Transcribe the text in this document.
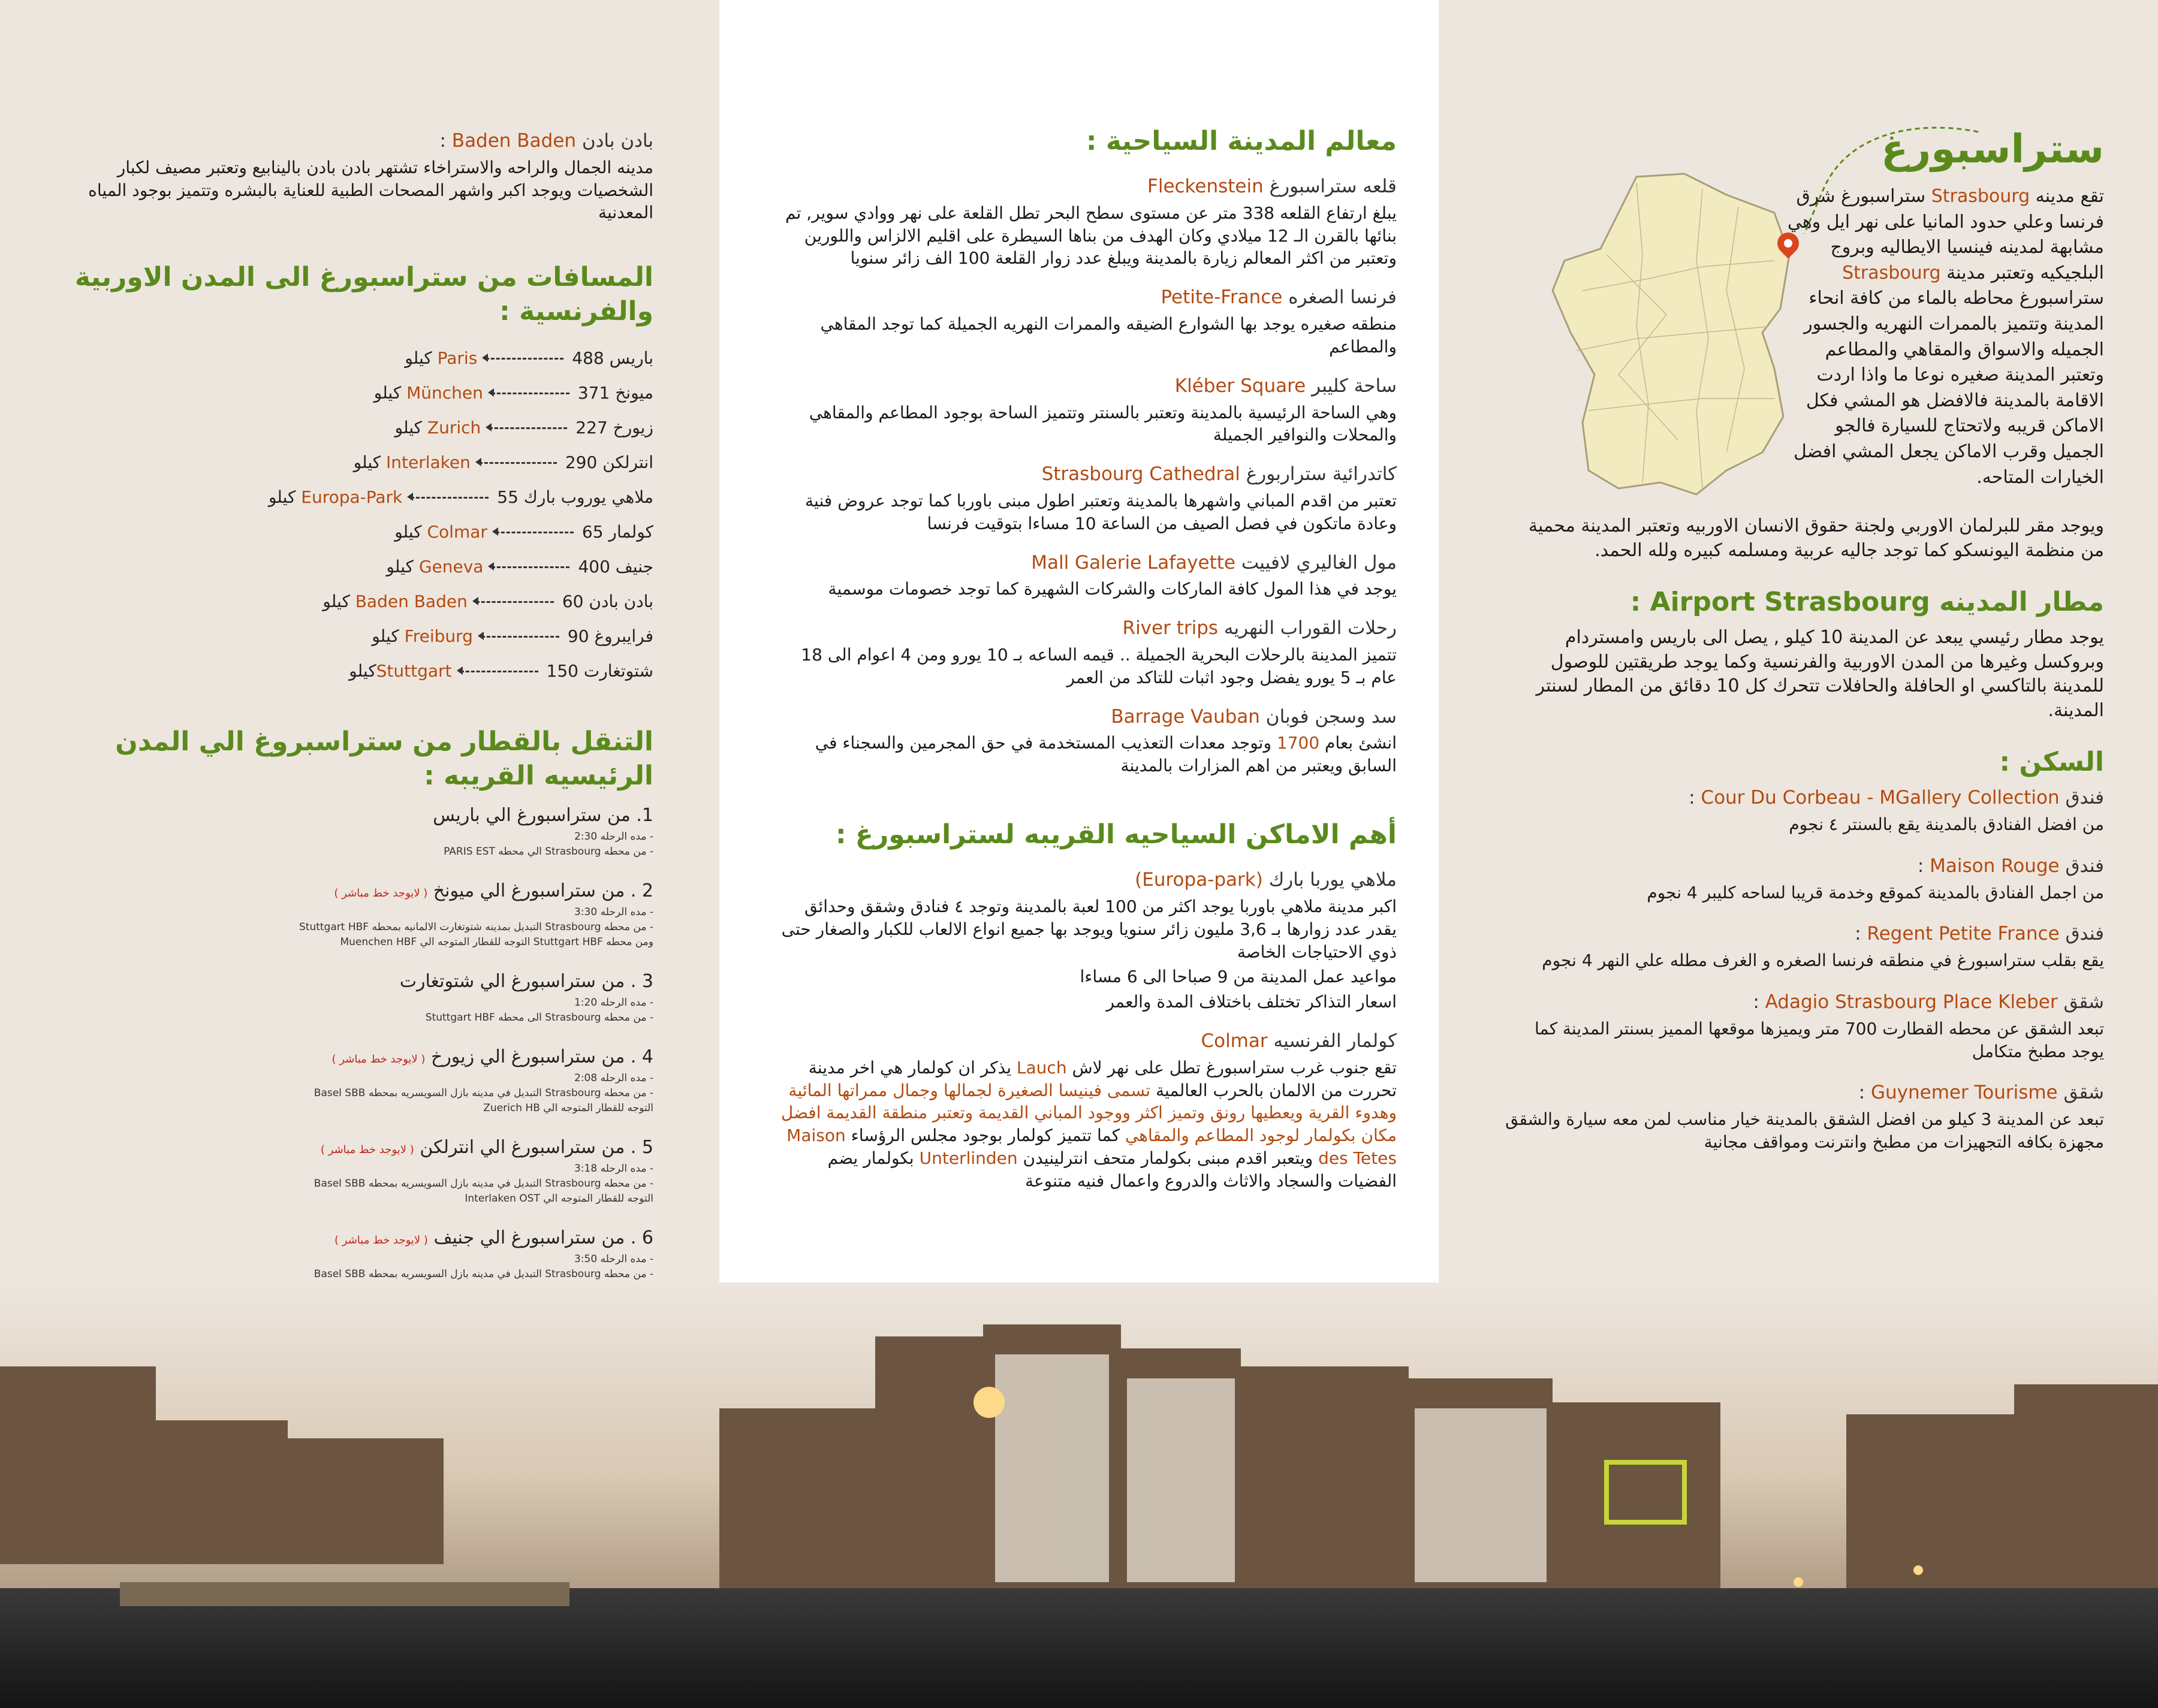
بادن بادن Baden Baden :

مدينه الجمال والراحه والاستراخاء تشتهر بادن بادن بالينابيع وتعتبر مصيف لكبار الشخصيات ويوجد اكبر واشهر المصحات الطبية للعناية بالبشره وتتميز بوجود المياه المعدنية

المسافات من ستراسبورغ الى المدن الاوربية والفرنسية :
باريس Paris488 كيلو
ميونخ München371 كيلو
زيورخ Zurich227 كيلو
انترلكن Interlaken290 كيلو
ملاهي يوروب بارك Europa-Park55 كيلو
كولمار Colmar65 كيلو
جنيف Geneva400 كيلو
بادن بادن Baden Baden60 كيلو
فرايبروغ Freiburg90 كيلو
شتوتغارت Stuttgart150كيلو
التنقل بالقطار من ستراسبروغ الي المدن الرئيسيه القريبه :

1. من ستراسبورغ الي باريس

- مده الرحله 2:30

- من محطه Strasbourg الي محطه PARIS EST

2 . من ستراسبورغ الي ميونخ ( لايوجد خط مباشر )

- مده الرحله 3:30

- من محطه Strasbourg التبديل بمدينه شتوتغارت الالمانيه بمحطه Stuttgart HBF

ومن محطه Stuttgart HBF التوجه للقطار المتوجه الي Muenchen HBF

3 . من ستراسبورغ الي شتوتغارت

- مده الرحله 1:20

- من محطه Strasbourg الى محطه Stuttgart HBF

4 . من ستراسبورغ الي زيورخ ( لايوجد خط مباشر )

- مده الرحله 2:08

- من محطه Strasbourg التبديل في مدينه بازل السويسريه بمحطه Basel SBB

التوجه للقطار المتوجه الي Zuerich HB

5 . من ستراسبورغ الي انترلكن ( لايوجد خط مباشر )

- مده الرحله 3:18

- من محطه Strasbourg التبديل في مدينه بازل السويسريه بمحطه Basel SBB

التوجه للقطار المتوجه الي Interlaken OST

6 . من ستراسبورغ الي جنيف ( لايوجد خط مباشر )

- مده الرحله 3:50

- من محطه Strasbourg التبديل في مدينه بازل السويسريه بمحطه Basel SBB

معالم المدينة السياحية :

قلعه ستراسبورغ Fleckenstein

يبلغ ارتفاع القلعه 338 متر عن مستوى سطح البحر تطل القلعة على نهر ووادي سوير, تم بنائها بالقرن الـ 12 ميلادي وكان الهدف من بناها السيطرة على اقليم الالزاس واللورين وتعتبر من اكثر المعالم زيارة بالمدينة ويبلغ عدد زوار القلعة 100 الف زائر سنويا

فرنسا الصغره Petite-France

منطقه صغيره يوجد بها الشوارع الضيقه والممرات النهريه الجميلة كما توجد المقاهي والمطاعم

ساحة كليبر Kléber Square

وهي الساحة الرئيسية بالمدينة وتعتبر بالسنتر وتتميز الساحة بوجود المطاعم والمقاهي والمحلات والنوافير الجميلة

كاتدرائية ستراربورغ Strasbourg Cathedral

تعتبر من اقدم المباني واشهرها بالمدينة وتعتبر اطول مبنى باوربا كما توجد عروض فنية وعادة ماتكون في فصل الصيف من الساعة 10 مساءا بتوقيت فرنسا

مول الغاليري لافييت Mall Galerie Lafayette

يوجد في هذا المول كافة الماركات والشركات الشهيرة كما توجد خصومات موسمية

رحلات القوراب النهريه River trips

تتميز المدينة بالرحلات البحرية الجميلة .. قيمه الساعه بـ 10 يورو ومن 4 اعوام الى 18 عام بـ 5 يورو يفضل وجود اثبات للتاكد من العمر

سد وسجن فوبان Barrage Vauban

انشئ بعام 1700 وتوجد معدات التعذيب المستخدمة في حق المجرمين والسجناء في السابق ويعتبر من اهم المزارات بالمدينة

أهم الاماكن السياحيه القريبه لستراسبورغ :

ملاهي يوربا بارك (Europa-park)

اكبر مدينة ملاهي باوربا يوجد اكثر من 100 لعبة بالمدينة وتوجد ٤ فنادق وشقق وحدائق يقدر عدد زوارها بـ 3,6 مليون زائر سنويا ويوجد بها جميع انواع الالعاب للكبار والصغار حتى ذوي الاحتياجات الخاصة

مواعيد عمل المدينة من 9 صباحا الى 6 مساءا

اسعار التذاكر تختلف باختلاف المدة والعمر

كولمار الفرنسيه Colmar

تقع جنوب غرب ستراسبورغ تطل على نهر لاش Lauch يذكر ان كولمار هي اخر مدينة تحررت من الالمان بالحرب العالمية تسمى فينيسا الصغيرة لجمالها وجمال ممراتها المائية وهدوء القرية ويعطيها رونق وتميز اكثر ووجود المباني القديمة وتعتبر منطقة القديمة افضل مكان بكولمار لوجود المطاعم والمقاهي كما تتميز كولمار بوجود مجلس الرؤساء Maison des Tetes ويتعبر اقدم مبنى بكولمار متحف انترلينيدن Unterlinden بكولمار يضم الفضيات والسجاد والاثاث والدروع واعمال فنيه متنوعة

ستراسبورغ

تقع مدينه Strasbourg ستراسبورغ شرق فرنسا وعلي حدود المانيا على نهر ايل وهي مشابهة لمدينه فينسيا الايطاليه وبروج البلجيكيه وتعتبر مدينة Strasbourg ستراسبورغ محاطه بالماء من كافة انحاء المدينة وتتميز بالممرات النهريه والجسور الجميله والاسواق والمقاهي والمطاعم وتعتبر المدينة صغيره نوعا ما واذا اردت الاقامة بالمدينة فالافضل هو المشي فكل الاماكن قريبه ولاتحتاج للسيارة فالجو الجميل وقرب الاماكن يجعل المشي افضل الخيارات المتاحه.

ويوجد مقر للبرلمان الاوربي ولجنة حقوق الانسان الاوربيه وتعتبر المدينة محمية من منظمة اليونسكو كما توجد جاليه عربية ومسلمه كبيره ولله الحمد.

مطار المدينه Airport Strasbourg :

يوجد مطار رئيسي يبعد عن المدينة 10 كيلو , يصل الى باريس وامستردام وبروكسل وغيرها من المدن الاوربية والفرنسية وكما يوجد طريقتين للوصول للمدينة بالتاكسي او الحافلة والحافلات تتحرك كل 10 دقائق من المطار لسنتر المدينة.

السكن :

فندق Cour Du Corbeau - MGallery Collection :

من افضل الفنادق بالمدينة يقع بالسنتر ٤ نجوم

فندق Maison Rouge :

من اجمل الفنادق بالمدينة كموقع وخدمة قريبا لساحه كليبر 4 نجوم

فندق Regent Petite France :

يقع بقلب ستراسبورغ في منطقه فرنسا الصغره و الغرف مطله علي النهر 4 نجوم

شقق Adagio Strasbourg Place Kleber :

تبعد الشقق عن محطه القطارت 700 متر ويميزها موقعها المميز بسنتر المدينة كما يوجد مطبخ متكامل

شقق Guynemer Tourisme :

تبعد عن المدينة 3 كيلو من افضل الشقق بالمدينة خيار مناسب لمن معه سيارة والشقق مجهزة بكافه التجهيزات من مطبخ وانترنت ومواقف مجانية
